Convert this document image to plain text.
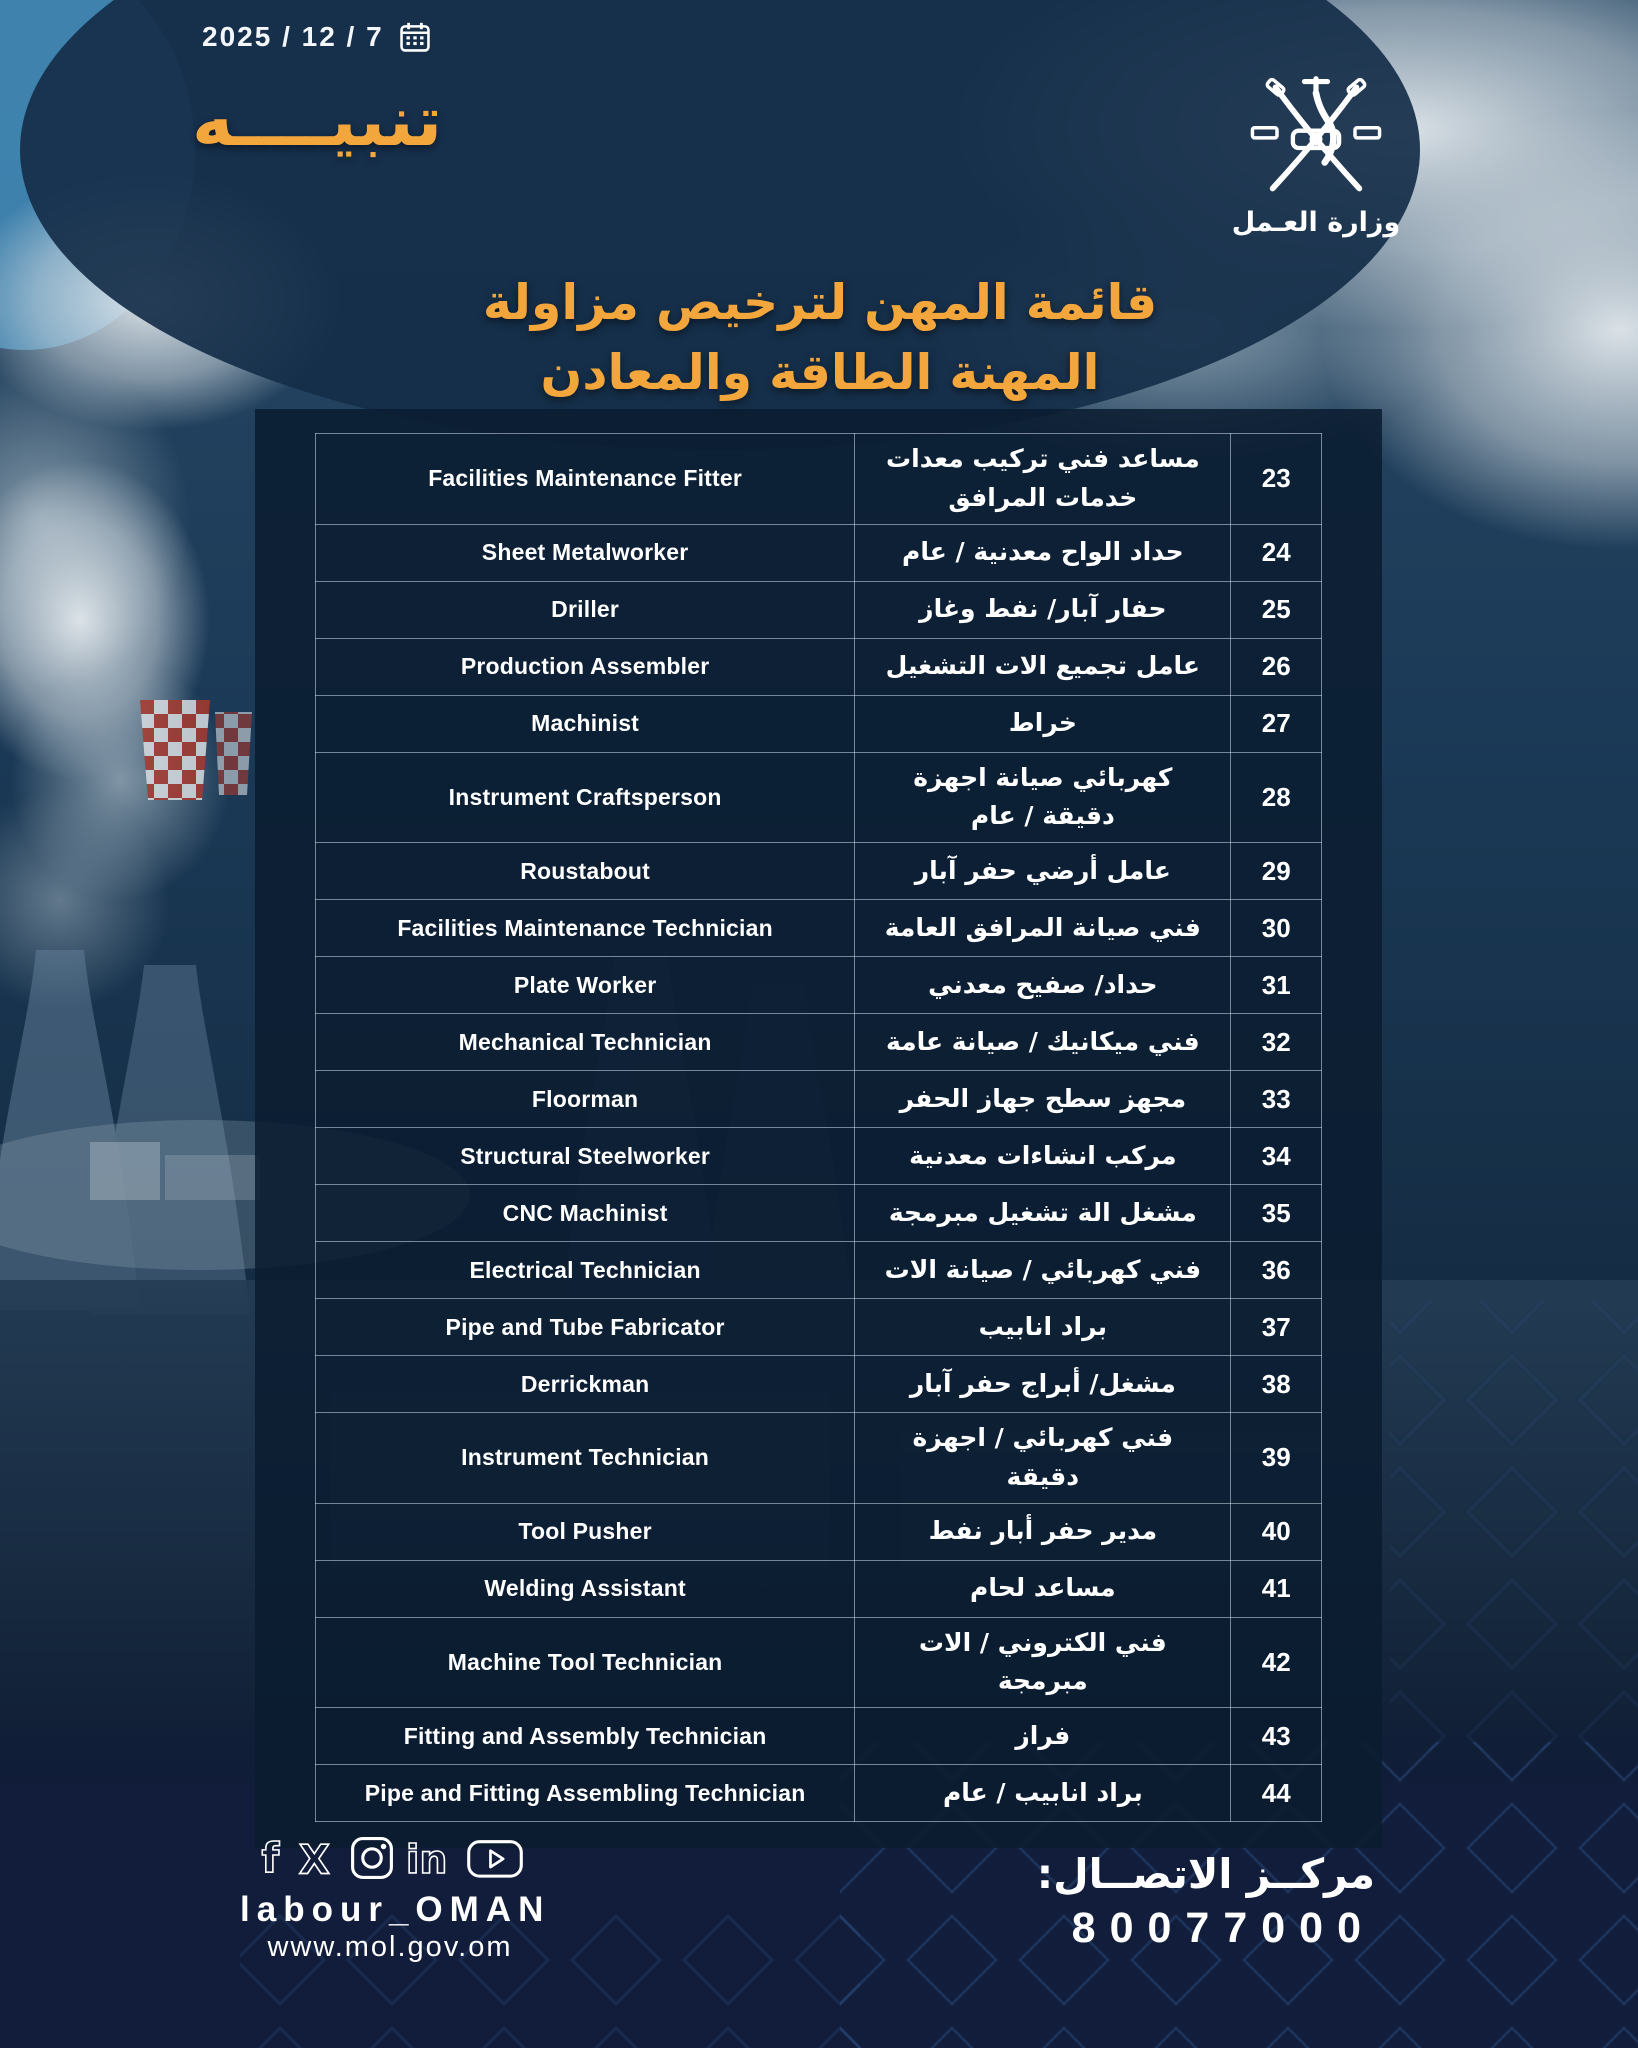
2025 / 12 / 7
تنبيــــه
وزارة العـمل
قائمة المهن لترخيص مزاولة
المهنة الطاقة والمعادن
Facilities Maintenance Fitter	مساعد فني تركيب معدات خدمات المرافق	23
Sheet Metalworker	حداد الواح معدنية / عام	24
Driller	حفار آبار/ نفط وغاز	25
Production Assembler	عامل تجميع الات التشغيل	26
Machinist	خراط	27
Instrument Craftsperson	كهربائي صيانة اجهزة دقيقة / عام	28
Roustabout	عامل أرضي حفر آبار	29
Facilities Maintenance Technician	فني صيانة المرافق العامة	30
Plate Worker	حداد/ صفيح معدني	31
Mechanical Technician	فني ميكانيك / صيانة عامة	32
Floorman	مجهز سطح جهاز الحفر	33
Structural Steelworker	مركب انشاءات معدنية	34
CNC Machinist	مشغل الة تشغيل مبرمجة	35
Electrical Technician	فني كهربائي / صيانة الات	36
Pipe and Tube Fabricator	براد انابيب	37
Derrickman	مشغل/ أبراج حفر آبار	38
Instrument Technician	فني كهربائي / اجهزة دقيقة	39
Tool Pusher	مدير حفر أبار نفط	40
Welding Assistant	مساعد لحام	41
Machine Tool Technician	فني الكتروني / الات مبرمجة	42
Fitting and Assembly Technician	فراز	43
Pipe and Fitting Assembling Technician	براد انابيب / عام	44
f X in
labour_OMAN
www.mol.gov.om
مركــز الاتصــال:
80077000
